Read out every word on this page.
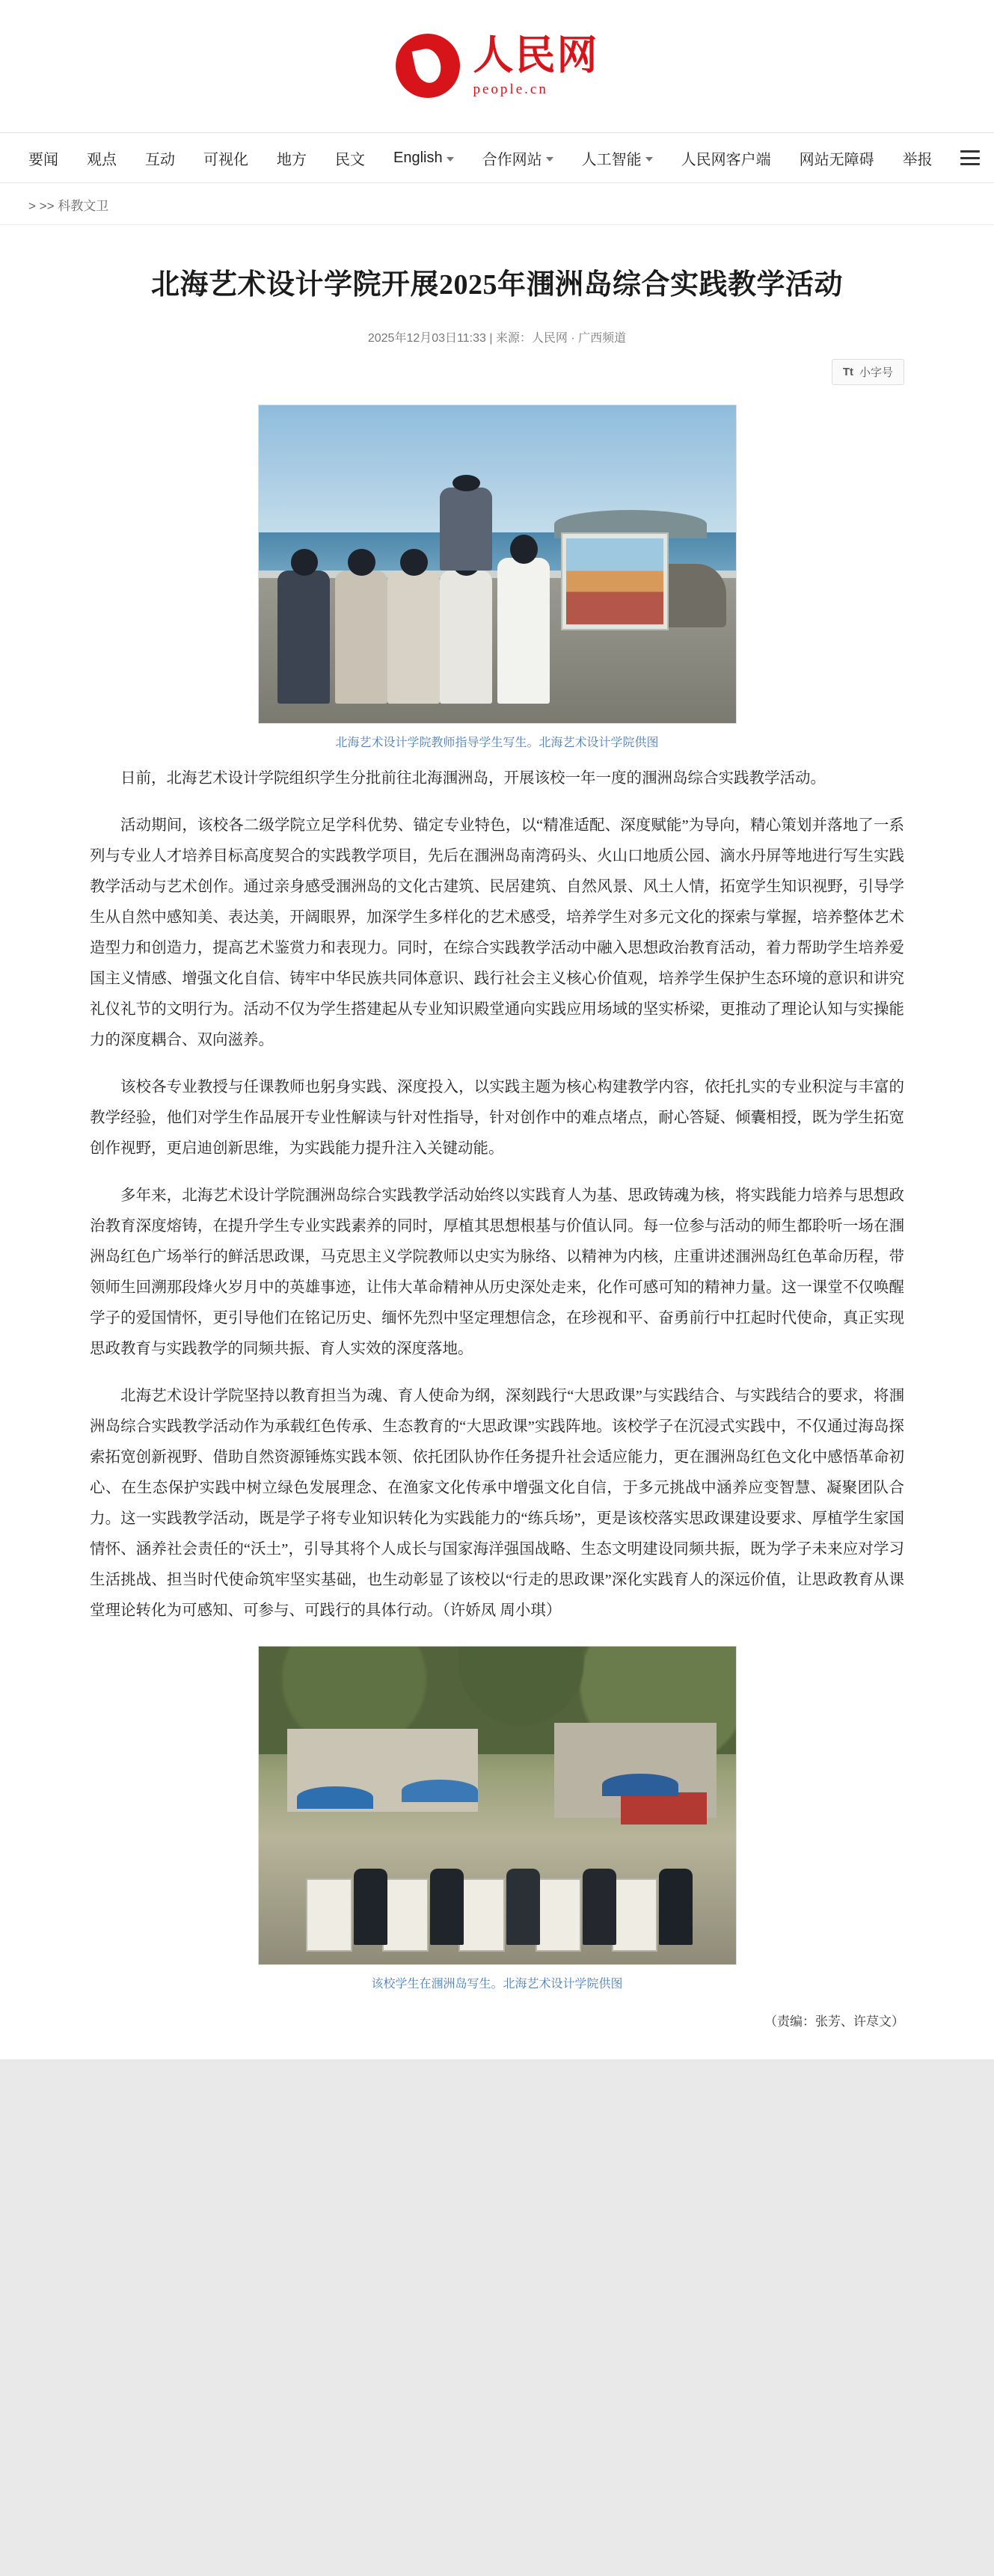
人民网
people.cn
要闻 观点 互动 可视化 地方 民文 English	合作网站	人工智能	人民网客户端 网站无障碍 举报
> >> 科教文卫
北海艺术设计学院开展2025年涠洲岛综合实践教学活动
2025年12月03日11:33 | 来源：人民网 · 广西频道
Tt 小字号
北海艺术设计学院教师指导学生写生。北海艺术设计学院供图

日前，北海艺术设计学院组织学生分批前往北海涠洲岛，开展该校一年一度的涠洲岛综合实践教学活动。

活动期间，该校各二级学院立足学科优势、锚定专业特色，以“精准适配、深度赋能”为导向，精心策划并落地了一系列与专业人才培养目标高度契合的实践教学项目，先后在涠洲岛南湾码头、火山口地质公园、滴水丹屏等地进行写生实践教学活动与艺术创作。通过亲身感受涠洲岛的文化古建筑、民居建筑、自然风景、风土人情，拓宽学生知识视野，引导学生从自然中感知美、表达美，开阔眼界，加深学生多样化的艺术感受，培养学生对多元文化的探索与掌握，培养整体艺术造型力和创造力，提高艺术鉴赏力和表现力。同时，在综合实践教学活动中融入思想政治教育活动，着力帮助学生培养爱国主义情感、增强文化自信、铸牢中华民族共同体意识、践行社会主义核心价值观，培养学生保护生态环境的意识和讲究礼仪礼节的文明行为。活动不仅为学生搭建起从专业知识殿堂通向实践应用场域的坚实桥梁，更推动了理论认知与实操能力的深度耦合、双向滋养。

该校各专业教授与任课教师也躬身实践、深度投入，以实践主题为核心构建教学内容，依托扎实的专业积淀与丰富的教学经验，他们对学生作品展开专业性解读与针对性指导，针对创作中的难点堵点，耐心答疑、倾囊相授，既为学生拓宽创作视野，更启迪创新思维，为实践能力提升注入关键动能。

多年来，北海艺术设计学院涠洲岛综合实践教学活动始终以实践育人为基、思政铸魂为核，将实践能力培养与思想政治教育深度熔铸，在提升学生专业实践素养的同时，厚植其思想根基与价值认同。每一位参与活动的师生都聆听一场在涠洲岛红色广场举行的鲜活思政课，马克思主义学院教师以史实为脉络、以精神为内核，庄重讲述涠洲岛红色革命历程，带领师生回溯那段烽火岁月中的英雄事迹，让伟大革命精神从历史深处走来，化作可感可知的精神力量。这一课堂不仅唤醒学子的爱国情怀，更引导他们在铭记历史、缅怀先烈中坚定理想信念，在珍视和平、奋勇前行中扛起时代使命，真正实现思政教育与实践教学的同频共振、育人实效的深度落地。

北海艺术设计学院坚持以教育担当为魂、育人使命为纲，深刻践行“大思政课”与实践结合、与实践结合的要求，将涠洲岛综合实践教学活动作为承载红色传承、生态教育的“大思政课”实践阵地。该校学子在沉浸式实践中，不仅通过海岛探索拓宽创新视野、借助自然资源锤炼实践本领、依托团队协作任务提升社会适应能力，更在涠洲岛红色文化中感悟革命初心、在生态保护实践中树立绿色发展理念、在渔家文化传承中增强文化自信，于多元挑战中涵养应变智慧、凝聚团队合力。这一实践教学活动，既是学子将专业知识转化为实践能力的“练兵场”，更是该校落实思政课建设要求、厚植学生家国情怀、涵养社会责任的“沃土”，引导其将个人成长与国家海洋强国战略、生态文明建设同频共振，既为学子未来应对学习生活挑战、担当时代使命筑牢坚实基础，也生动彰显了该校以“行走的思政课”深化实践育人的深远价值，让思政教育从课堂理论转化为可感知、可参与、可践行的具体行动。（许娇凤 周小琪）

该校学生在涠洲岛写生。北海艺术设计学院供图
（责编：张芳、许荩文）
